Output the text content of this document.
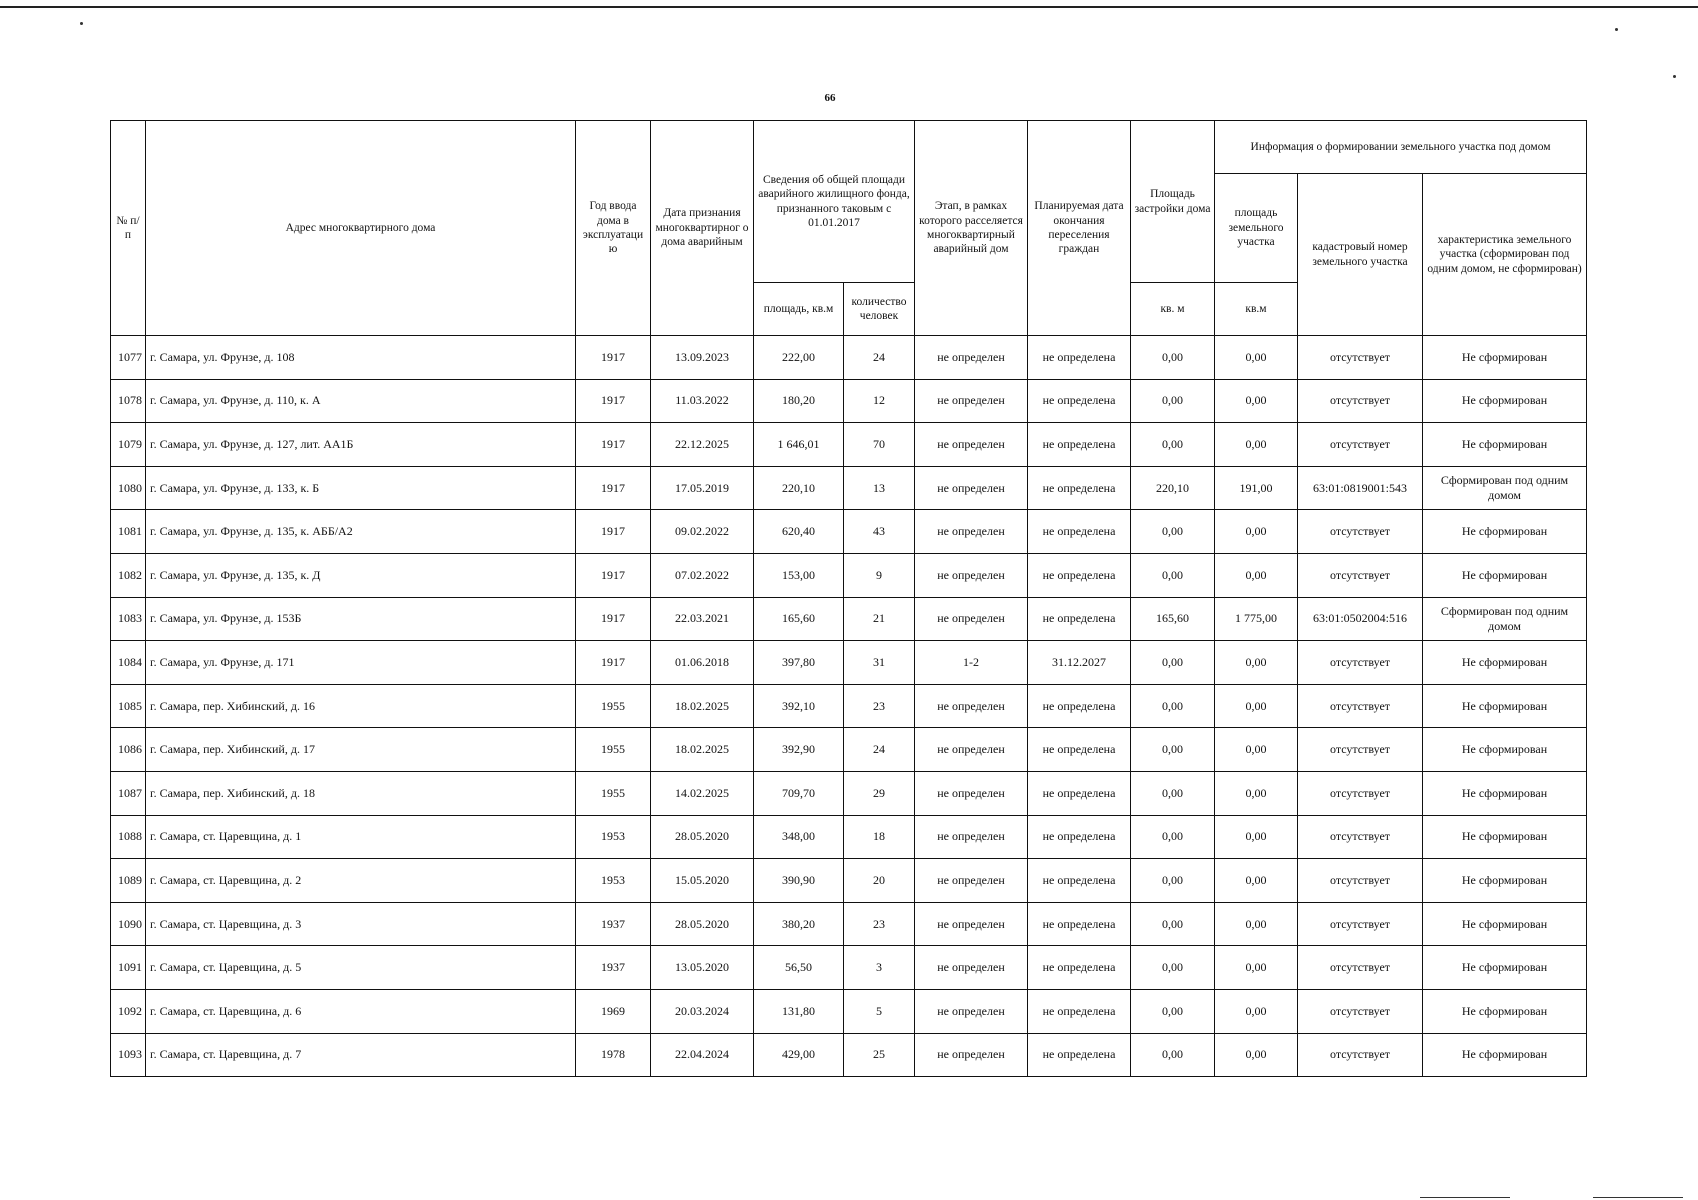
66
№ п/п	Адрес многоквартирного дома	Год ввода дома в эксплуатаци ю	Дата признания многоквартирног о дома аварийным	Сведения об общей площади аварийного жилищного фонда, признанного таковым с 01.01.2017		Этап, в рамках которого расселяется многоквартирный аварийный дом	Планируемая дата окончания переселения граждан	Площадь застройки дома	Информация о формировании земельного участка под домом		
									площадь земельного участка	кадастровый номер земельного участка	характеристика земельного участка (сформирован под одним домом, не сформирован)
				площадь, кв.м	количество человек			кв. м	кв.м		
1077	г. Самара, ул. Фрунзе, д. 108	1917	13.09.2023	222,00	24	не определен	не определена	0,00	0,00	отсутствует	Не сформирован
1078	г. Самара, ул. Фрунзе, д. 110, к. А	1917	11.03.2022	180,20	12	не определен	не определена	0,00	0,00	отсутствует	Не сформирован
1079	г. Самара, ул. Фрунзе, д. 127, лит. АА1Б	1917	22.12.2025	1 646,01	70	не определен	не определена	0,00	0,00	отсутствует	Не сформирован
1080	г. Самара, ул. Фрунзе, д. 133, к. Б	1917	17.05.2019	220,10	13	не определен	не определена	220,10	191,00	63:01:0819001:543	Сформирован под одним домом
1081	г. Самара, ул. Фрунзе, д. 135, к. АББ/А2	1917	09.02.2022	620,40	43	не определен	не определена	0,00	0,00	отсутствует	Не сформирован
1082	г. Самара, ул. Фрунзе, д. 135, к. Д	1917	07.02.2022	153,00	9	не определен	не определена	0,00	0,00	отсутствует	Не сформирован
1083	г. Самара, ул. Фрунзе, д. 153Б	1917	22.03.2021	165,60	21	не определен	не определена	165,60	1 775,00	63:01:0502004:516	Сформирован под одним домом
1084	г. Самара, ул. Фрунзе, д. 171	1917	01.06.2018	397,80	31	1-2	31.12.2027	0,00	0,00	отсутствует	Не сформирован
1085	г. Самара, пер. Хибинский, д. 16	1955	18.02.2025	392,10	23	не определен	не определена	0,00	0,00	отсутствует	Не сформирован
1086	г. Самара, пер. Хибинский, д. 17	1955	18.02.2025	392,90	24	не определен	не определена	0,00	0,00	отсутствует	Не сформирован
1087	г. Самара, пер. Хибинский, д. 18	1955	14.02.2025	709,70	29	не определен	не определена	0,00	0,00	отсутствует	Не сформирован
1088	г. Самара, ст. Царевщина, д. 1	1953	28.05.2020	348,00	18	не определен	не определена	0,00	0,00	отсутствует	Не сформирован
1089	г. Самара, ст. Царевщина, д. 2	1953	15.05.2020	390,90	20	не определен	не определена	0,00	0,00	отсутствует	Не сформирован
1090	г. Самара, ст. Царевщина, д. 3	1937	28.05.2020	380,20	23	не определен	не определена	0,00	0,00	отсутствует	Не сформирован
1091	г. Самара, ст. Царевщина, д. 5	1937	13.05.2020	56,50	3	не определен	не определена	0,00	0,00	отсутствует	Не сформирован
1092	г. Самара, ст. Царевщина, д. 6	1969	20.03.2024	131,80	5	не определен	не определена	0,00	0,00	отсутствует	Не сформирован
1093	г. Самара, ст. Царевщина, д. 7	1978	22.04.2024	429,00	25	не определен	не определена	0,00	0,00	отсутствует	Не сформирован
